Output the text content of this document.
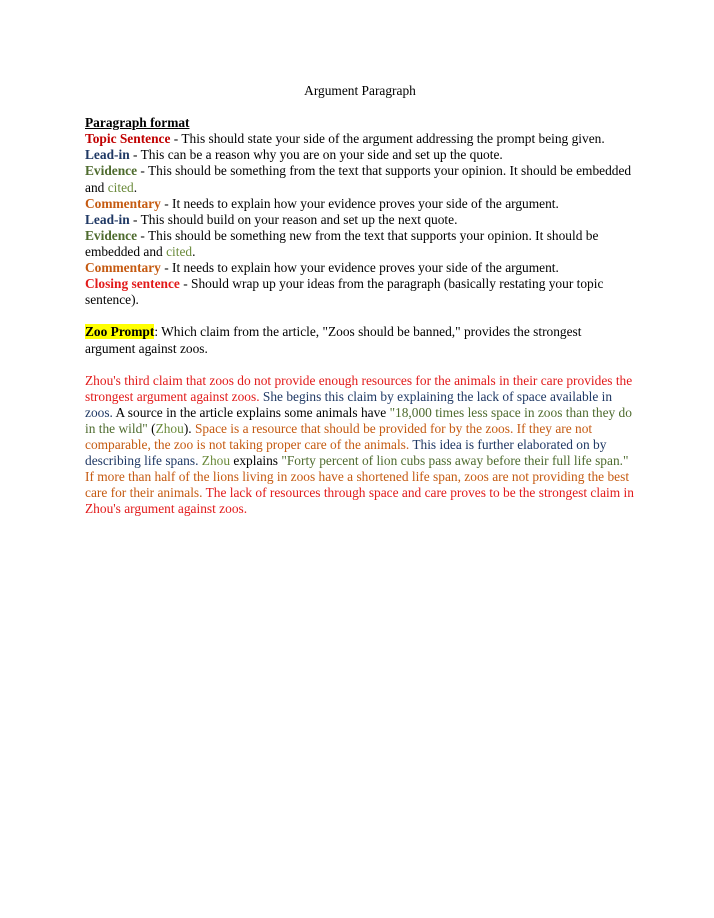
Argument Paragraph

Paragraph format

Topic Sentence - This should state your side of the argument addressing the prompt being given.

Lead-in - This can be a reason why you are on your side and set up the quote.

Evidence - This should be something from the text that supports your opinion. It should be embedded and cited.

Commentary - It needs to explain how your evidence proves your side of the argument.

Lead-in - This should build on your reason and set up the next quote.

Evidence - This should be something new from the text that supports your opinion. It should be embedded and cited.

Commentary - It needs to explain how your evidence proves your side of the argument.

Closing sentence - Should wrap up your ideas from the paragraph (basically restating your topic sentence).

Zoo Prompt: Which claim from the article, "Zoos should be banned," provides the strongest argument against zoos.

Zhou's third claim that zoos do not provide enough resources for the animals in their care provides the strongest argument against zoos. She begins this claim by explaining the lack of space available in zoos. A source in the article explains some animals have "18,000 times less space in zoos than they do in the wild" (Zhou). Space is a resource that should be provided for by the zoos. If they are not comparable, the zoo is not taking proper care of the animals. This idea is further elaborated on by describing life spans. Zhou explains "Forty percent of lion cubs pass away before their full life span." If more than half of the lions living in zoos have a shortened life span, zoos are not providing the best care for their animals. The lack of resources through space and care proves to be the strongest claim in Zhou's argument against zoos.
